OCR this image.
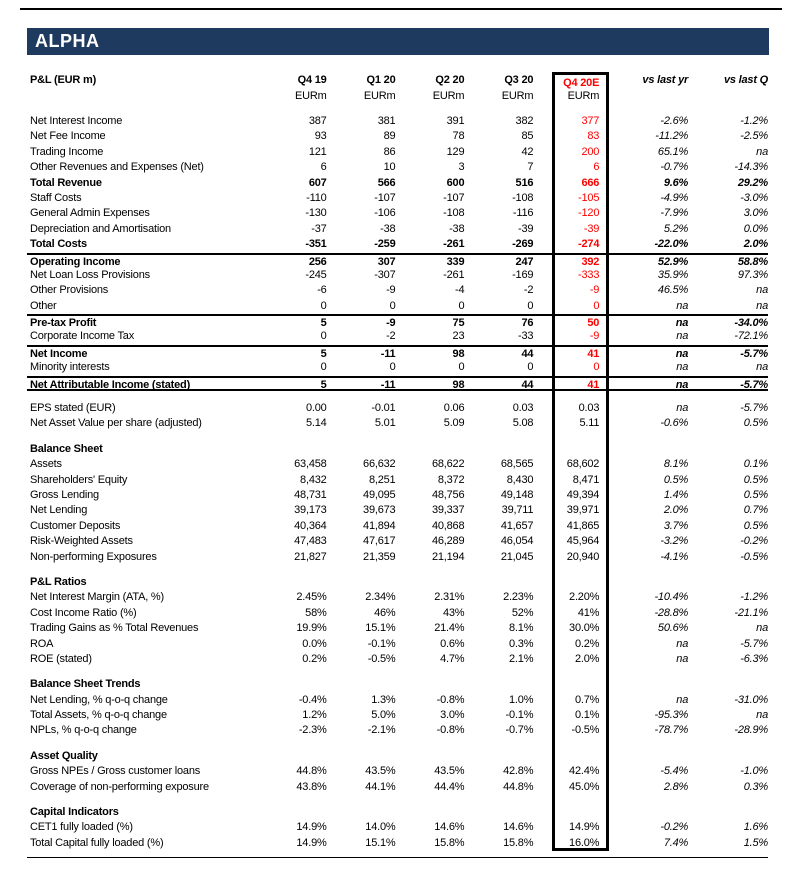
ALPHA
P&L (EUR m)	Q4 19	Q1 20	Q2 20	Q3 20	Q4 20E	vs last yr	vs last Q
EURm	EURm	EURm	EURm	EURm
Net Interest Income	387	381	391	382	377	-2.6%	-1.2%
Net Fee Income	93	89	78	85	83	-11.2%	-2.5%
Trading Income	121	86	129	42	200	65.1%	na
Other Revenues and Expenses (Net)	6	10	3	7	6	-0.7%	-14.3%
Total Revenue	607	566	600	516	666	9.6%	29.2%
Staff Costs	-110	-107	-107	-108	-105	-4.9%	-3.0%
General Admin Expenses	-130	-106	-108	-116	-120	-7.9%	3.0%
Depreciation and Amortisation	-37	-38	-38	-39	-39	5.2%	0.0%
Total Costs	-351	-259	-261	-269	-274	-22.0%	2.0%
Operating Income	256	307	339	247	392	52.9%	58.8%
Net Loan Loss Provisions	-245	-307	-261	-169	-333	35.9%	97.3%
Other Provisions	-6	-9	-4	-2	-9	46.5%	na
Other	0	0	0	0	0	na	na
Pre-tax Profit	5	-9	75	76	50	na	-34.0%
Corporate Income Tax	0	-2	23	-33	-9	na	-72.1%
Net Income	5	-11	98	44	41	na	-5.7%
Minority interests	0	0	0	0	0	na	na
Net Attributable Income (stated)	5	-11	98	44	41	na	-5.7%
EPS stated (EUR)	0.00	-0.01	0.06	0.03	0.03	na	-5.7%
Net Asset Value per share (adjusted)	5.14	5.01	5.09	5.08	5.11	-0.6%	0.5%
Balance Sheet
Assets	63,458	66,632	68,622	68,565	68,602	8.1%	0.1%
Shareholders' Equity	8,432	8,251	8,372	8,430	8,471	0.5%	0.5%
Gross Lending	48,731	49,095	48,756	49,148	49,394	1.4%	0.5%
Net Lending	39,173	39,673	39,337	39,711	39,971	2.0%	0.7%
Customer Deposits	40,364	41,894	40,868	41,657	41,865	3.7%	0.5%
Risk-Weighted Assets	47,483	47,617	46,289	46,054	45,964	-3.2%	-0.2%
Non-performing Exposures	21,827	21,359	21,194	21,045	20,940	-4.1%	-0.5%
P&L Ratios
Net Interest Margin (ATA, %)	2.45%	2.34%	2.31%	2.23%	2.20%	-10.4%	-1.2%
Cost Income Ratio (%)	58%	46%	43%	52%	41%	-28.8%	-21.1%
Trading Gains as % Total Revenues	19.9%	15.1%	21.4%	8.1%	30.0%	50.6%	na
ROA	0.0%	-0.1%	0.6%	0.3%	0.2%	na	-5.7%
ROE (stated)	0.2%	-0.5%	4.7%	2.1%	2.0%	na	-6.3%
Balance Sheet Trends
Net Lending, % q-o-q change	-0.4%	1.3%	-0.8%	1.0%	0.7%	na	-31.0%
Total Assets, % q-o-q change	1.2%	5.0%	3.0%	-0.1%	0.1%	-95.3%	na
NPLs, % q-o-q change	-2.3%	-2.1%	-0.8%	-0.7%	-0.5%	-78.7%	-28.9%
Asset Quality
Gross NPEs / Gross customer loans	44.8%	43.5%	43.5%	42.8%	42.4%	-5.4%	-1.0%
Coverage of non-performing exposure	43.8%	44.1%	44.4%	44.8%	45.0%	2.8%	0.3%
Capital Indicators
CET1 fully loaded (%)	14.9%	14.0%	14.6%	14.6%	14.9%	-0.2%	1.6%
Total Capital fully loaded (%)	14.9%	15.1%	15.8%	15.8%	16.0%	7.4%	1.5%
